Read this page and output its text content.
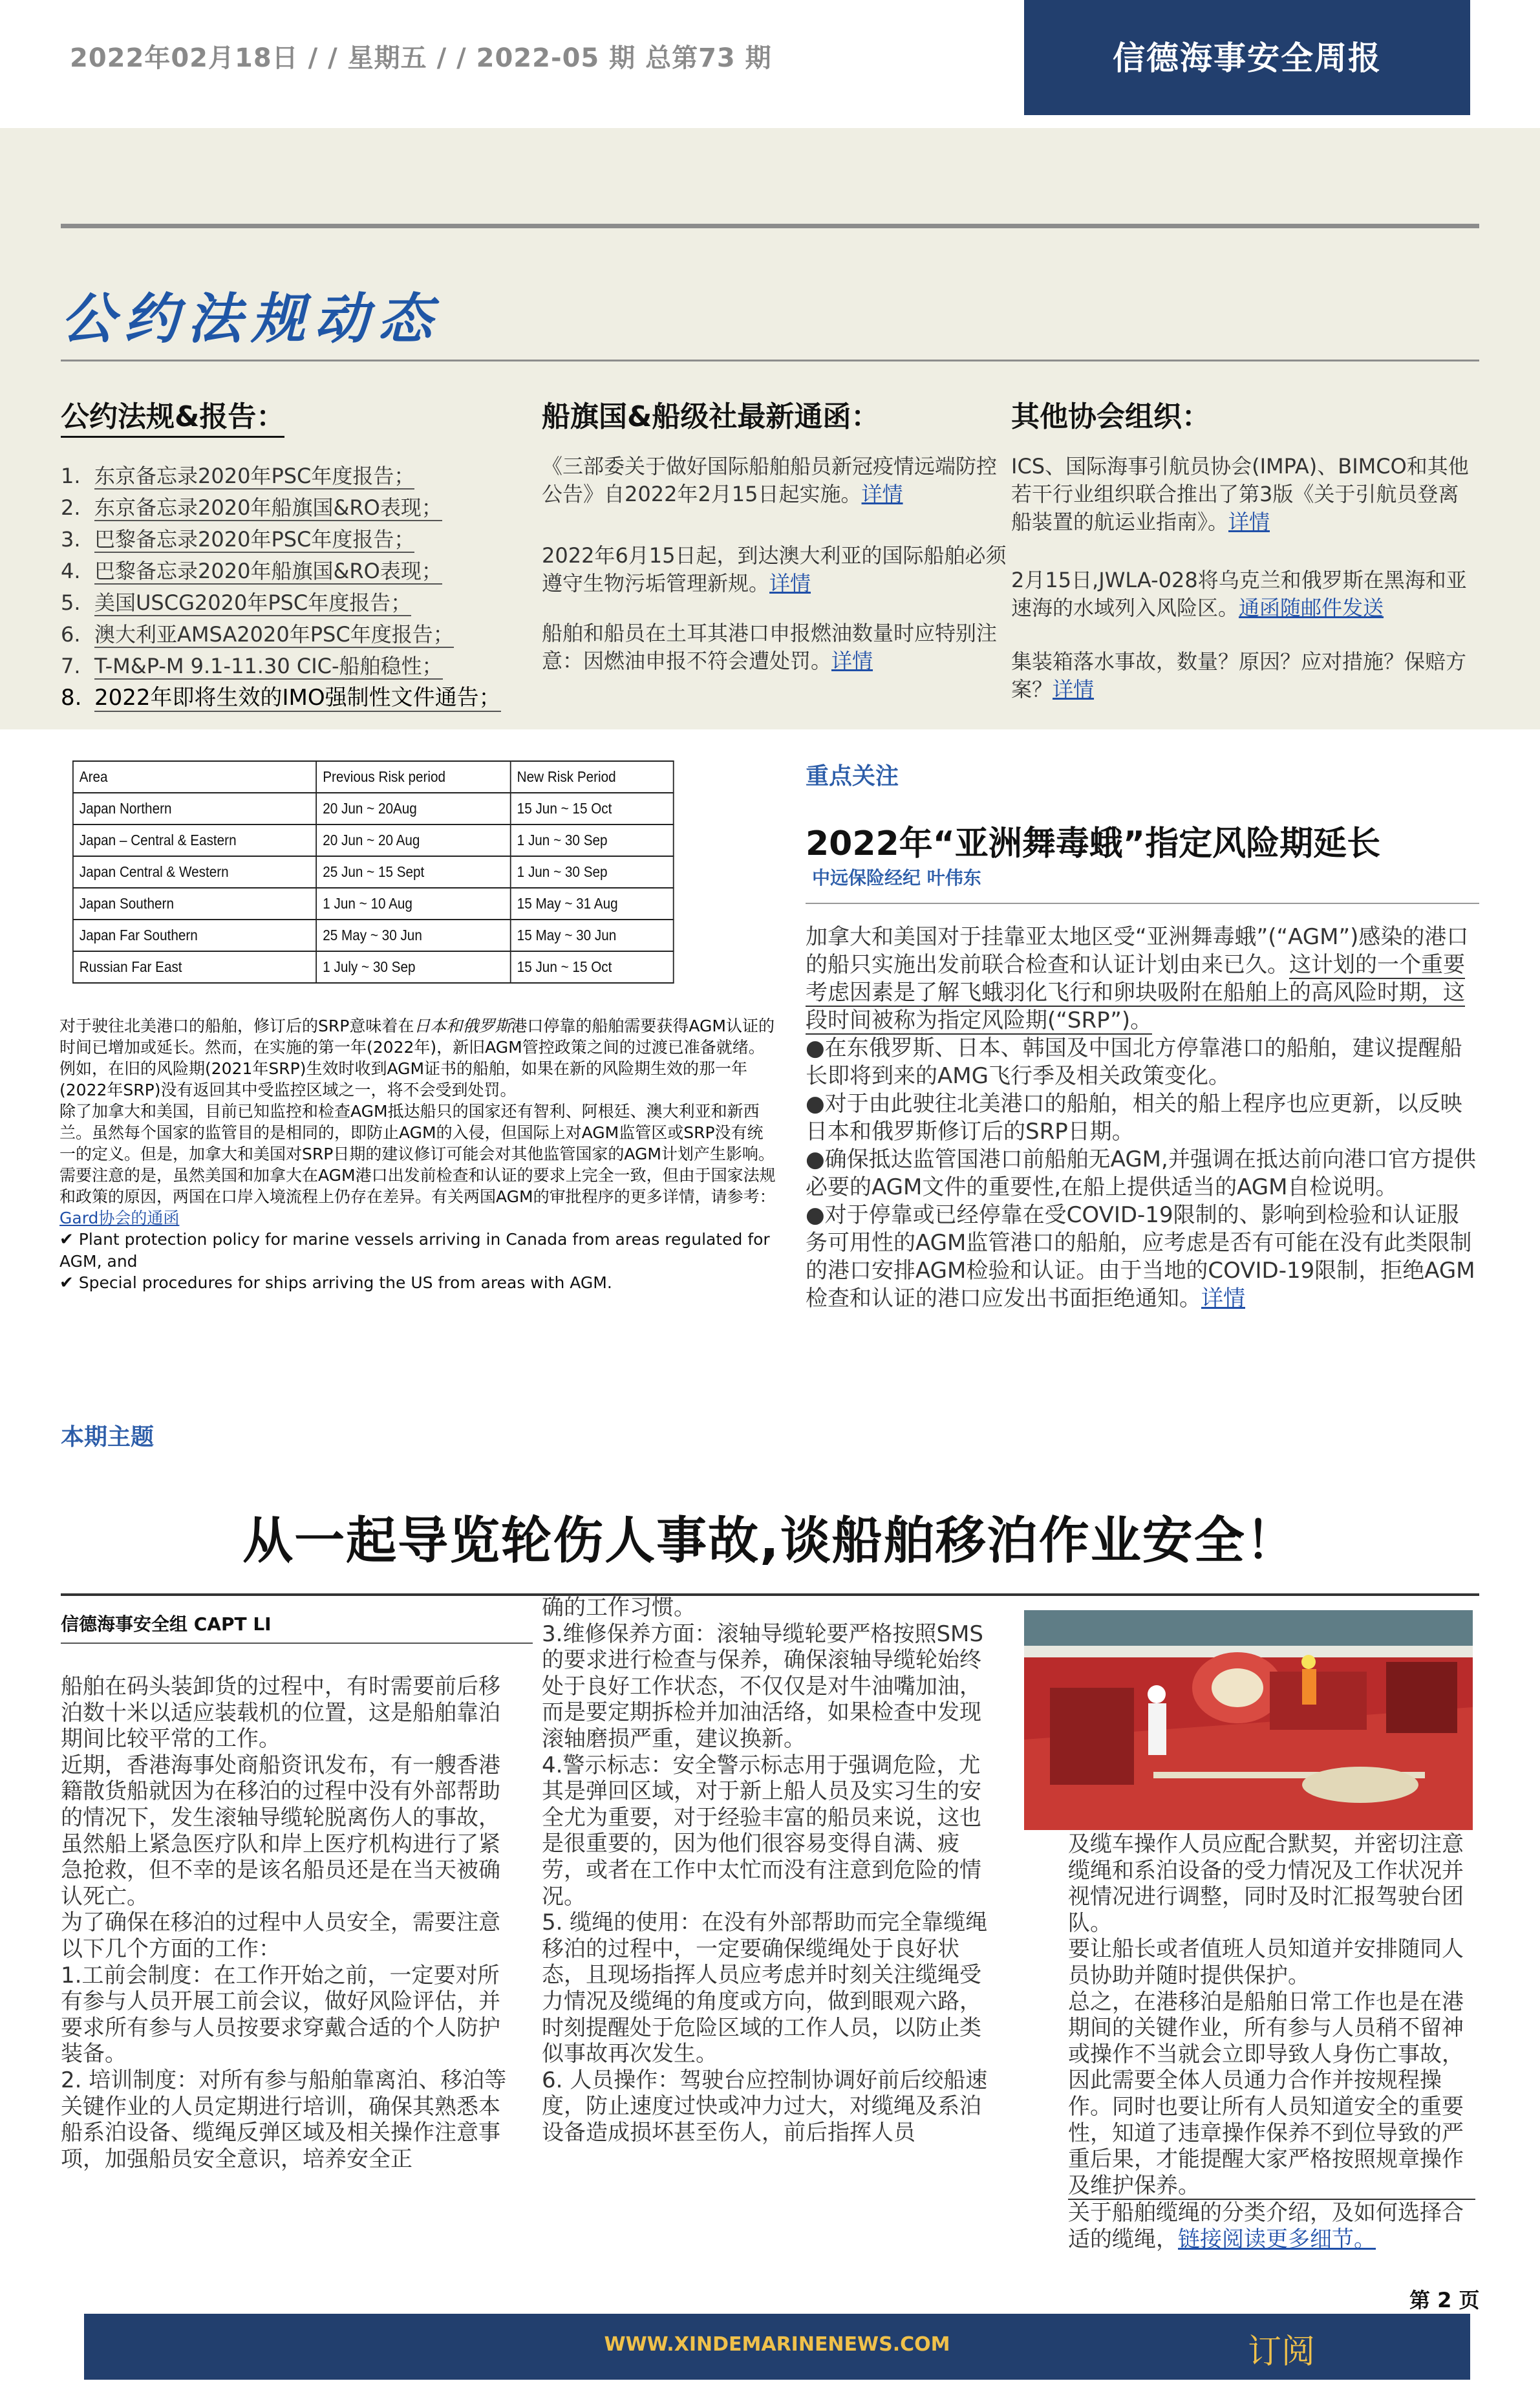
2022年02月18日 / / 星期五 / / 2022-05 期 总第73 期	信德海事安全周报
公约法规动态
公约法规&报告：
1. 东京备忘录2020年PSC年度报告；
2. 东京备忘录2020年船旗国&RO表现；
3. 巴黎备忘录2020年PSC年度报告；
4. 巴黎备忘录2020年船旗国&RO表现；
5. 美国USCG2020年PSC年度报告；
6. 澳大利亚AMSA2020年PSC年度报告；
7. T-M&P-M 9.1-11.30 CIC-船舶稳性；
8. 2022年即将生效的IMO强制性文件通告；
船旗国&船级社最新通函：
《三部委关于做好国际船舶船员新冠疫情远端防控公告》自2022年2月15日起实施。详情
2022年6月15日起，到达澳大利亚的国际船舶必须遵守生物污垢管理新规。详情
船舶和船员在土耳其港口申报燃油数量时应特别注意：因燃油申报不符会遭处罚。详情
其他协会组织：
ICS、国际海事引航员协会(IMPA)、BIMCO和其他若干行业组织联合推出了第3版《关于引航员登离船装置的航运业指南》。详情
2月15日,JWLA-028将乌克兰和俄罗斯在黑海和亚速海的水域列入风险区。通函随邮件发送
集装箱落水事故，数量？原因？应对措施？保赔方案？详情
Area	Previous Risk period	New Risk Period
Japan Northern	20 Jun ~ 20Aug	15 Jun ~ 15 Oct
Japan – Central & Eastern	20 Jun ~ 20 Aug	1 Jun ~ 30 Sep
Japan Central & Western	25 Jun ~ 15 Sept	1 Jun ~ 30 Sep
Japan Southern	1 Jun ~ 10 Aug	15 May ~ 31 Aug
Japan Far Southern	25 May ~ 30 Jun	15 May ~ 30 Jun
Russian Far East	1 July ~ 30 Sep	15 Jun ~ 15 Oct
对于驶往北美港口的船舶，修订后的SRP意味着在日本和俄罗斯港口停靠的船舶需要获得AGM认证的时间已增加或延长。然而，在实施的第一年(2022年)，新旧AGM管控政策之间的过渡已准备就绪。例如，在旧的风险期(2021年SRP)生效时收到AGM证书的船舶，如果在新的风险期生效的那一年(2022年SRP)没有返回其中受监控区域之一，将不会受到处罚。
除了加拿大和美国，目前已知监控和检查AGM抵达船只的国家还有智利、阿根廷、澳大利亚和新西兰。虽然每个国家的监管目的是相同的，即防止AGM的入侵，但国际上对AGM监管区或SRP没有统一的定义。但是，加拿大和美国对SRP日期的建议修订可能会对其他监管国家的AGM计划产生影响。
需要注意的是，虽然美国和加拿大在AGM港口出发前检查和认证的要求上完全一致，但由于国家法规和政策的原因，两国在口岸入境流程上仍存在差异。有关两国AGM的审批程序的更多详情，请参考：Gard协会的通函
✔ Plant protection policy for marine vessels arriving in Canada from areas regulated for AGM, and
✔ Special procedures for ships arriving the US from areas with AGM.
重点关注
2022年“亚洲舞毒蛾”指定风险期延长
中远保险经纪 叶伟东
加拿大和美国对于挂靠亚太地区受“亚洲舞毒蛾”(“AGM”)感染的港口的船只实施出发前联合检查和认证计划由来已久。这计划的一个重要考虑因素是了解飞蛾羽化飞行和卵块吸附在船舶上的高风险时期，这段时间被称为指定风险期(“SRP”)。
●在东俄罗斯、日本、韩国及中国北方停靠港口的船舶，建议提醒船长即将到来的AMG飞行季及相关政策变化。
●对于由此驶往北美港口的船舶，相关的船上程序也应更新，以反映日本和俄罗斯修订后的SRP日期。
●确保抵达监管国港口前船舶无AGM,并强调在抵达前向港口官方提供必要的AGM文件的重要性,在船上提供适当的AGM自检说明。
●对于停靠或已经停靠在受COVID-19限制的、影响到检验和认证服务可用性的AGM监管港口的船舶，应考虑是否有可能在没有此类限制的港口安排AGM检验和认证。由于当地的COVID-19限制，拒绝AGM检查和认证的港口应发出书面拒绝通知。详情
本期主题
从一起导览轮伤人事故,谈船舶移泊作业安全！
信德海事安全组 CAPT LI
船舶在码头装卸货的过程中，有时需要前后移泊数十米以适应装载机的位置，这是船舶靠泊期间比较平常的工作。
近期，香港海事处商船资讯发布，有一艘香港籍散货船就因为在移泊的过程中没有外部帮助的情况下，发生滚轴导缆轮脱离伤人的事故，虽然船上紧急医疗队和岸上医疗机构进行了紧急抢救，但不幸的是该名船员还是在当天被确认死亡。
为了确保在移泊的过程中人员安全，需要注意以下几个方面的工作：
1.工前会制度：在工作开始之前，一定要对所有参与人员开展工前会议，做好风险评估，并要求所有参与人员按要求穿戴合适的个人防护装备。
2. 培训制度：对所有参与船舶靠离泊、移泊等关键作业的人员定期进行培训，确保其熟悉本船系泊设备、缆绳反弹区域及相关操作注意事项，加强船员安全意识，培养安全正
确的工作习惯。
3.维修保养方面：滚轴导缆轮要严格按照SMS的要求进行检查与保养，确保滚轴导缆轮始终处于良好工作状态，不仅仅是对牛油嘴加油，而是要定期拆检并加油活络，如果检查中发现滚轴磨损严重，建议换新。
4.警示标志：安全警示标志用于强调危险，尤其是弹回区域，对于新上船人员及实习生的安全尤为重要，对于经验丰富的船员来说，这也是很重要的，因为他们很容易变得自满、疲劳，或者在工作中太忙而没有注意到危险的情况。
5. 缆绳的使用：在没有外部帮助而完全靠缆绳移泊的过程中，一定要确保缆绳处于良好状态，且现场指挥人员应考虑并时刻关注缆绳受力情况及缆绳的角度或方向，做到眼观六路，时刻提醒处于危险区域的工作人员，以防止类似事故再次发生。
6. 人员操作：驾驶台应控制协调好前后绞船速度，防止速度过快或冲力过大，对缆绳及系泊设备造成损坏甚至伤人，前后指挥人员
及缆车操作人员应配合默契，并密切注意缆绳和系泊设备的受力情况及工作状况并视情况进行调整，同时及时汇报驾驶台团队。
要让船长或者值班人员知道并安排随同人员协助并随时提供保护。
总之，在港移泊是船舶日常工作也是在港期间的关键作业，所有参与人员稍不留神或操作不当就会立即导致人身伤亡事故，因此需要全体人员通力合作并按规程操作。同时也要让所有人员知道安全的重要性，知道了违章操作保养不到位导致的严重后果，才能提醒大家严格按照规章操作及维护保养。
关于船舶缆绳的分类介绍，及如何选择合适的缆绳，链接阅读更多细节。
第 2 页
WWW.XINDEMARINENEWS.COM	订阅
